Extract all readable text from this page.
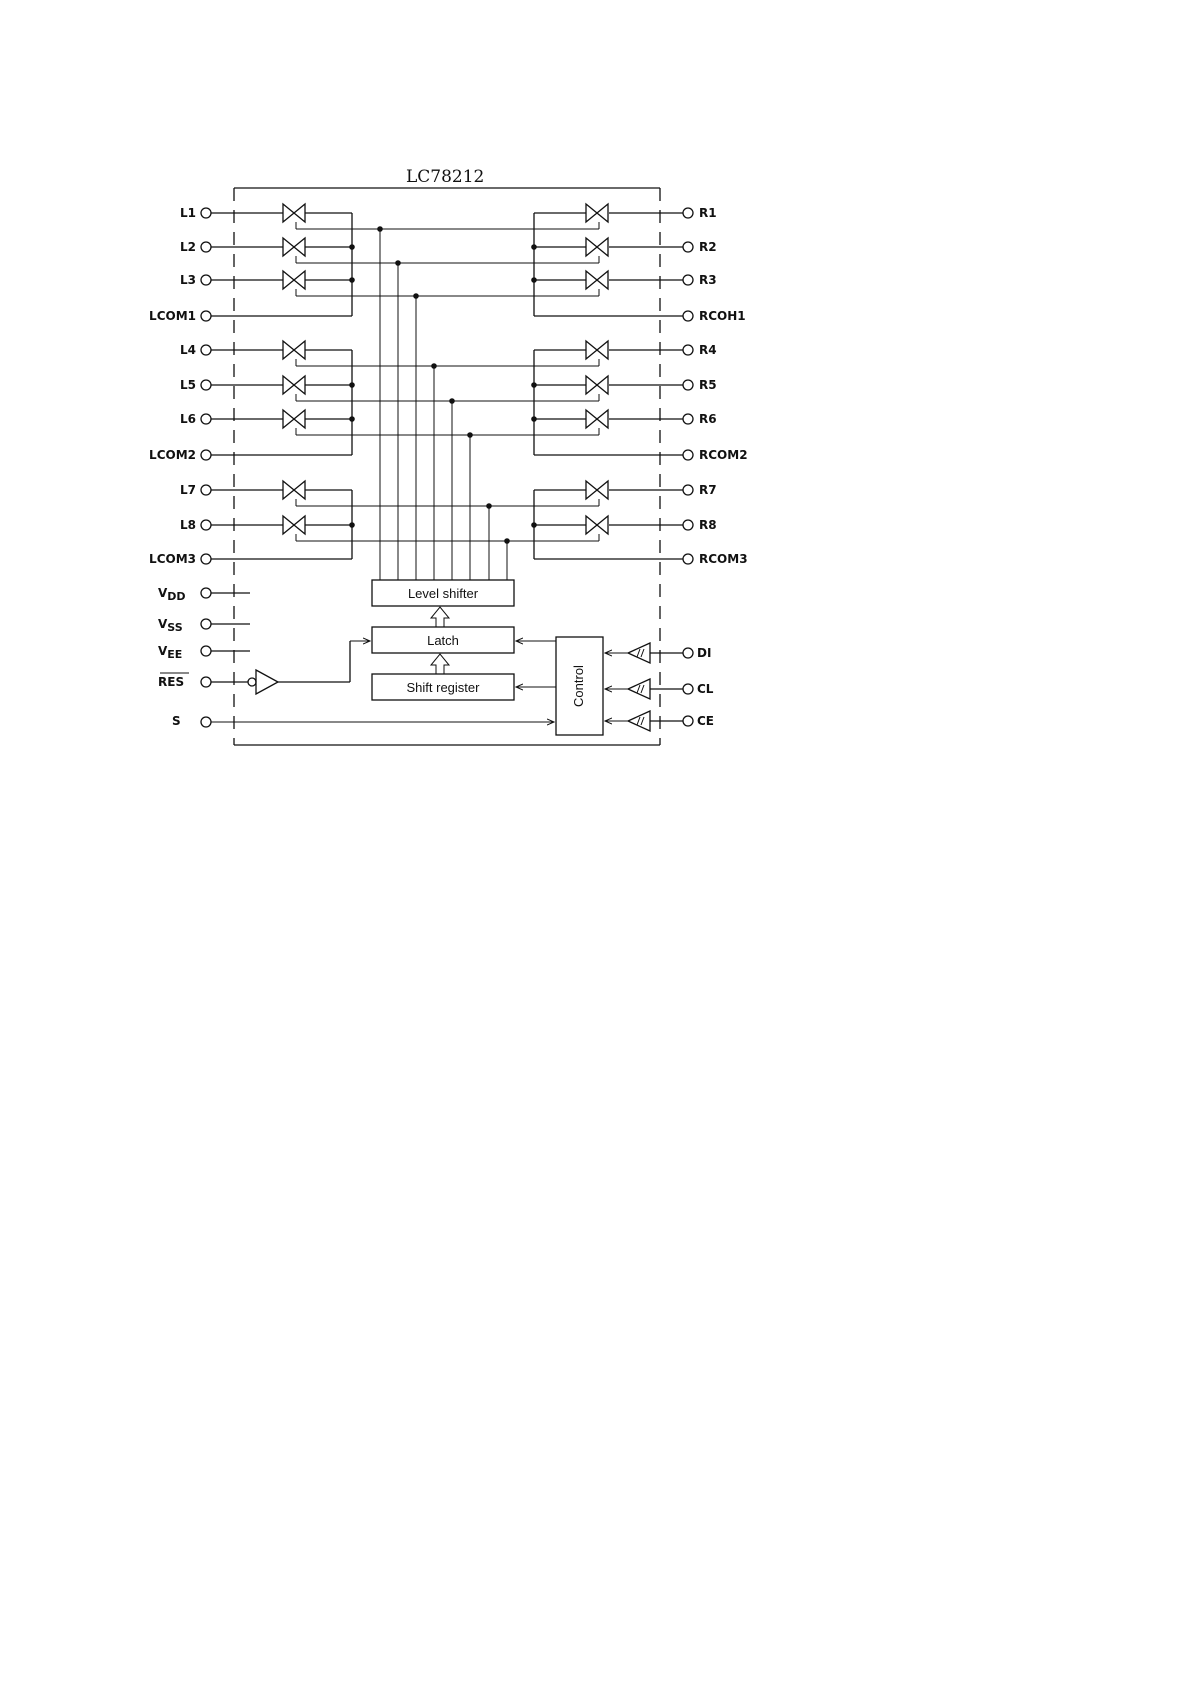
LC78212
L1
L2
L3
LCOM1
L4
L5
L6
LCOM2
L7
L8
LCOM3
R1
R2
R3
RCOH1
R4
R5
R6
RCOM2
R7
R8
RCOM3
Level shifter
Latch
Shift register	Control
VDD
VSS
VEE
RES
S
DI
CL
CE
